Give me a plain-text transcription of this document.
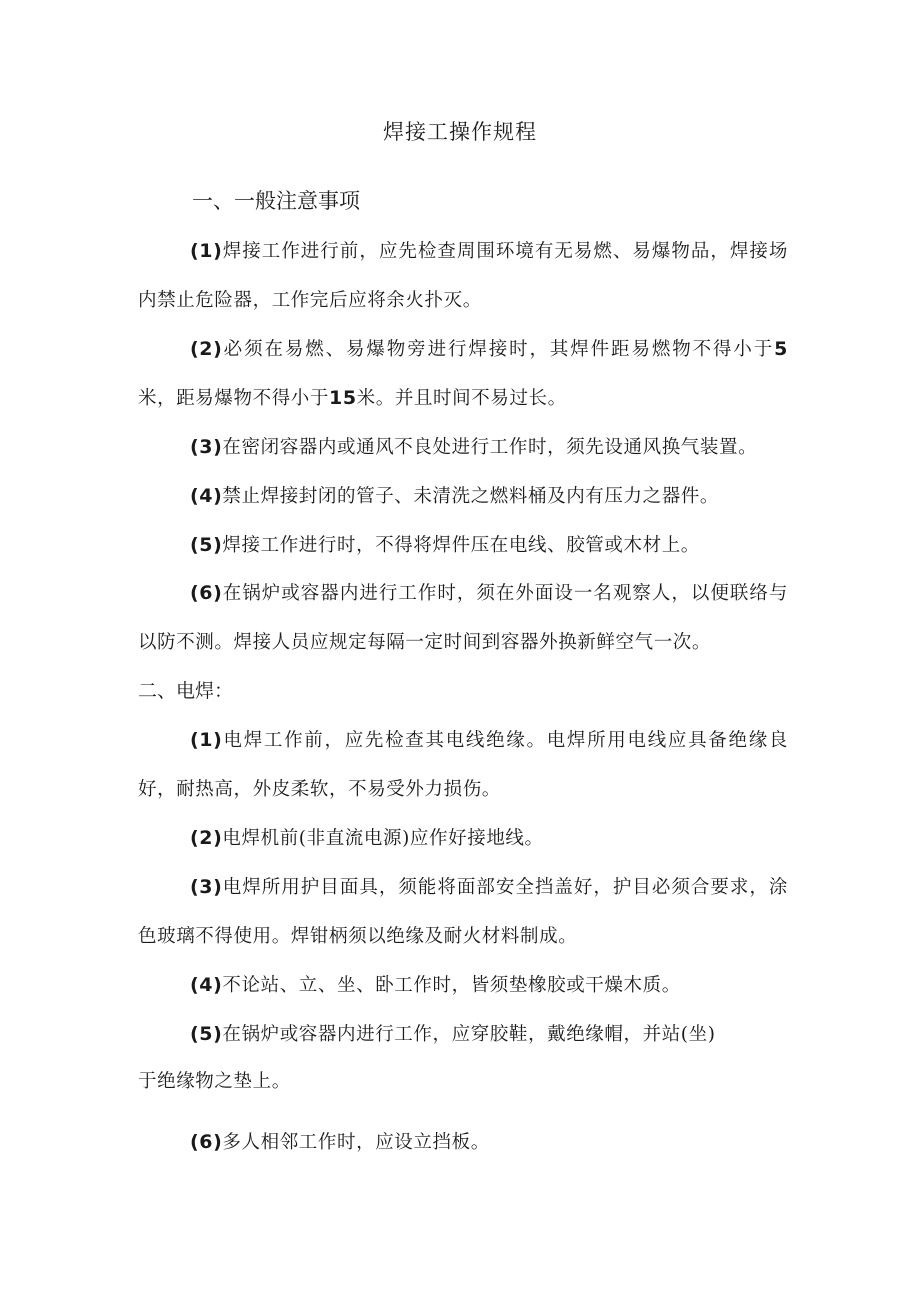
焊接工操作规程
一、一般注意事项
(1)焊接工作进行前，应先检查周围环境有无易燃、易爆物品，焊接场内禁止危险器，工作完后应将余火扑灭。
(2)必须在易燃、易爆物旁进行焊接时，其焊件距易燃物不得小于5米，距易爆物不得小于15米。并且时间不易过长。
(3)在密闭容器内或通风不良处进行工作时，须先设通风换气装置。
(4)禁止焊接封闭的管子、未清洗之燃料桶及内有压力之器件。
(5)焊接工作进行时，不得将焊件压在电线、胶管或木材上。
(6)在锅炉或容器内进行工作时，须在外面设一名观察人，以便联络与以防不测。焊接人员应规定每隔一定时间到容器外换新鲜空气一次。
二、电焊：
(1)电焊工作前，应先检查其电线绝缘。电焊所用电线应具备绝缘良好，耐热高，外皮柔软，不易受外力损伤。
(2)电焊机前(非直流电源)应作好接地线。
(3)电焊所用护目面具，须能将面部安全挡盖好，护目必须合要求，涂色玻璃不得使用。焊钳柄须以绝缘及耐火材料制成。
(4)不论站、立、坐、卧工作时，皆须垫橡胶或干燥木质。
(5)在锅炉或容器内进行工作，应穿胶鞋，戴绝缘帽，并站(坐)
于绝缘物之垫上。
(6)多人相邻工作时，应设立挡板。
